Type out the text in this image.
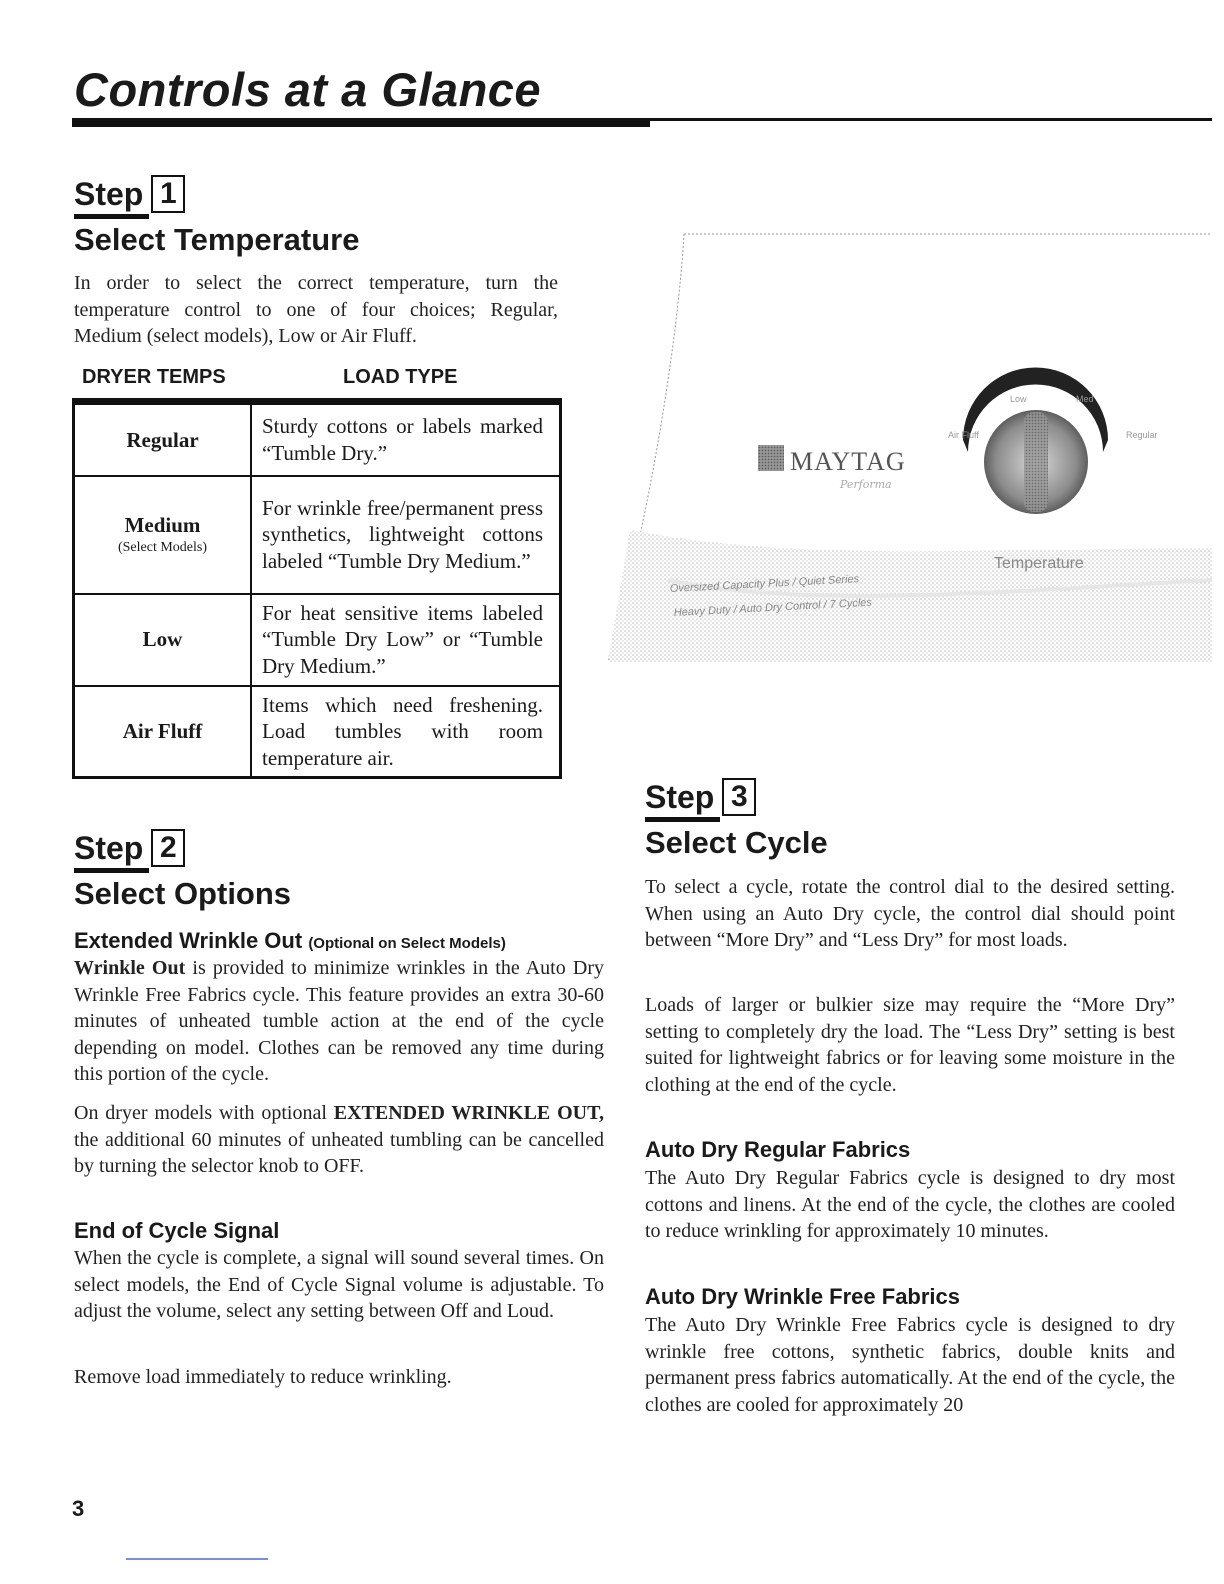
Controls at a Glance
Step 1
Select Temperature
In order to select the correct temperature, turn the temperature control to one of four choices; Regular, Medium (select models), Low or Air Fluff.
DRYER TEMPS	LOAD TYPE
Regular	Sturdy cottons or labels marked “Tumble Dry.”
Medium
(Select Models)	For wrinkle free/permanent press synthetics, lightweight cottons labeled “Tumble Dry Medium.”
Low	For heat sensitive items labeled “Tumble Dry Low” or “Tumble Dry Medium.”
Air Fluff	Items which need freshening. Load tumbles with room temperature air.
Step 2
Select Options
Extended Wrinkle Out (Optional on Select Models)
Wrinkle Out is provided to minimize wrinkles in the Auto Dry Wrinkle Free Fabrics cycle. This feature provides an extra 30-60 minutes of unheated tumble action at the end of the cycle depending on model. Clothes can be removed any time during this portion of the cycle.
On dryer models with optional EXTENDED WRINKLE OUT, the additional 60 minutes of unheated tumbling can be cancelled by turning the selector knob to OFF.
End of Cycle Signal
When the cycle is complete, a signal will sound several times. On select models, the End of Cycle Signal volume is adjustable. To adjust the volume, select any setting between Off and Loud.
Remove load immediately to reduce wrinkling.
MAYTAG
Performa
Low	Med
Air Fluff	Regular
Temperature
Oversized Capacity Plus / Quiet Series
Heavy Duty / Auto Dry Control / 7 Cycles
Step 3
Select Cycle
To select a cycle, rotate the control dial to the desired setting. When using an Auto Dry cycle, the control dial should point between “More Dry” and “Less Dry” for most loads.
Loads of larger or bulkier size may require the “More Dry” setting to completely dry the load. The “Less Dry” setting is best suited for lightweight fabrics or for leaving some moisture in the clothing at the end of the cycle.
Auto Dry Regular Fabrics
The Auto Dry Regular Fabrics cycle is designed to dry most cottons and linens. At the end of the cycle, the clothes are cooled to reduce wrinkling for approximately 10 minutes.
Auto Dry Wrinkle Free Fabrics
The Auto Dry Wrinkle Free Fabrics cycle is designed to dry wrinkle free cottons, synthetic fabrics, double knits and permanent press fabrics automatically. At the end of the cycle, the clothes are cooled for approximately 20
3
